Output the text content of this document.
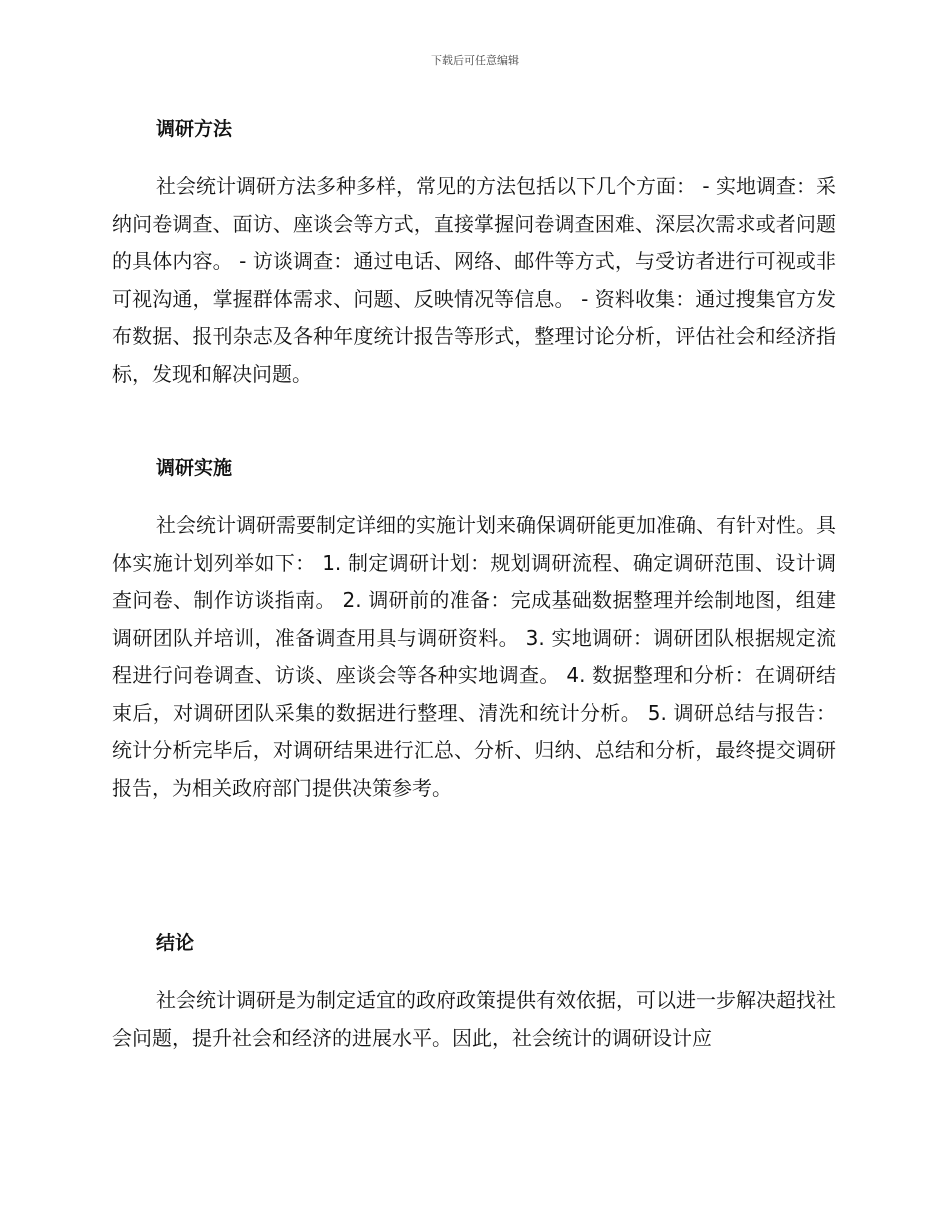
下载后可任意编辑
调研方法

社会统计调研方法多种多样，常见的方法包括以下几个方面： - 实地调查：采纳问卷调查、面访、座谈会等方式，直接掌握问卷调查困难、深层次需求或者问题的具体内容。 - 访谈调查：通过电话、网络、邮件等方式，与受访者进行可视或非可视沟通，掌握群体需求、问题、反映情况等信息。 - 资料收集：通过搜集官方发布数据、报刊杂志及各种年度统计报告等形式，整理讨论分析，评估社会和经济指标，发现和解决问题。

调研实施

社会统计调研需要制定详细的实施计划来确保调研能更加准确、有针对性。具体实施计划列举如下： 1. 制定调研计划：规划调研流程、确定调研范围、设计调查问卷、制作访谈指南。 2. 调研前的准备：完成基础数据整理并绘制地图，组建调研团队并培训，准备调查用具与调研资料。 3. 实地调研：调研团队根据规定流程进行问卷调查、访谈、座谈会等各种实地调查。 4. 数据整理和分析：在调研结束后，对调研团队采集的数据进行整理、清洗和统计分析。 5. 调研总结与报告：统计分析完毕后，对调研结果进行汇总、分析、归纳、总结和分析，最终提交调研报告，为相关政府部门提供决策参考。

结论

社会统计调研是为制定适宜的政府政策提供有效依据，可以进一步解决超找社会问题，提升社会和经济的进展水平。因此，社会统计的调研设计应
